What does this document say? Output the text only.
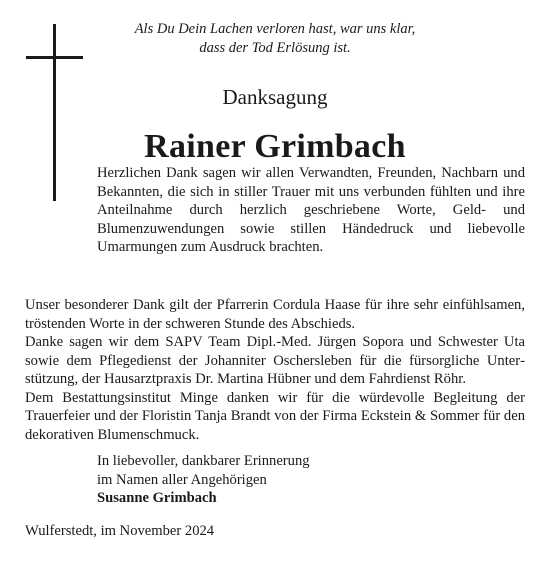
Als Du Dein Lachen verloren hast, war uns klar,
dass der Tod Erlösung ist.
Danksagung
Rainer Grimbach
Herzlichen Dank sagen wir allen Verwandten, Freunden, Nachbarn und Bekannten, die sich in stiller Trauer mit uns verbunden fühlten und ihre Anteilnahme durch herzlich geschriebene Worte, Geld- und Blumenzuwendungen sowie stillen Händedruck und liebevolle Umarmungen zum Ausdruck brachten.

Unser besonderer Dank gilt der Pfarrerin Cordula Haase für ihre sehr einfühlsamen, tröstenden Worte in der schweren Stunde des Abschieds.

Danke sagen wir dem SAPV Team Dipl.-Med. Jürgen Sopora und Schwester Uta sowie dem Pflegedienst der Johanniter Oschersleben für die fürsorgliche Unterstützung, der Hausarztpraxis Dr. Martina Hübner und dem Fahrdienst Röhr.

Dem Bestattungsinstitut Minge danken wir für die würdevolle Begleitung der Trauerfeier und der Floristin Tanja Brandt von der Firma Eckstein & Sommer für den dekorativen Blumenschmuck.

In liebevoller, dankbarer Erinnerung
im Namen aller Angehörigen
Susanne Grimbach
Wulferstedt, im November 2024
